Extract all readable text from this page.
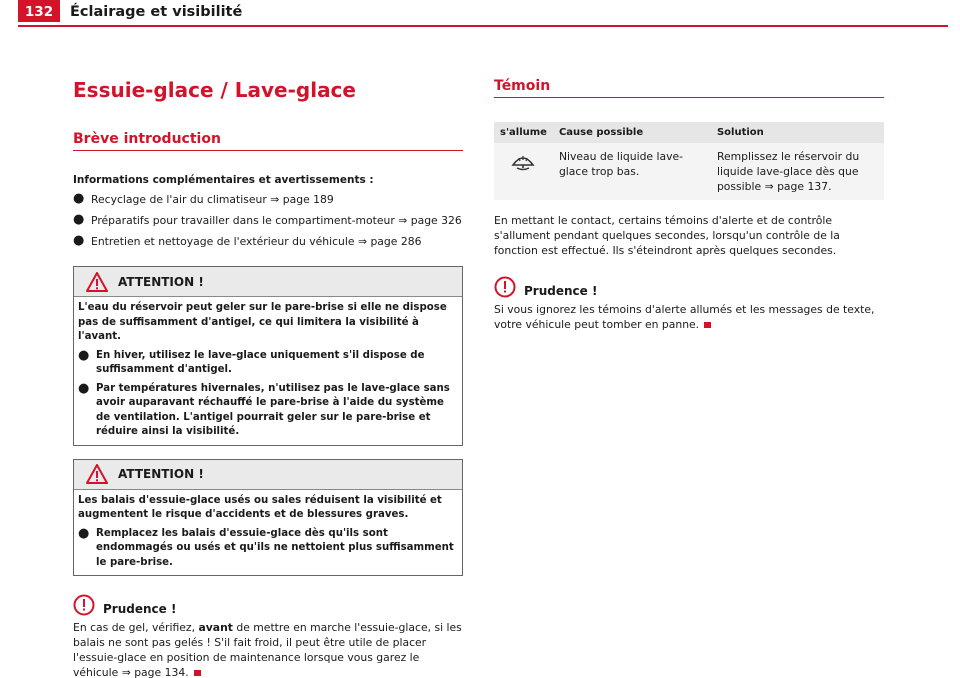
132	Éclairage et visibilité
Essuie-glace / Lave-glace
Brève introduction
Informations complémentaires et avertissements :
● Recyclage de l'air du climatiseur ⇒ page 189
● Préparatifs pour travailler dans le compartiment-moteur ⇒ page 326
● Entretien et nettoyage de l'extérieur du véhicule ⇒ page 286
ATTENTION !
L'eau du réservoir peut geler sur le pare-brise si elle ne dispose pas de suffisamment d'antigel, ce qui limitera la visibilité à l'avant.
● En hiver, utilisez le lave-glace uniquement s'il dispose de suffisamment d'antigel.
● Par températures hivernales, n'utilisez pas le lave-glace sans avoir auparavant réchauffé le pare-brise à l'aide du système de ventilation. L'antigel pourrait geler sur le pare-brise et réduire ainsi la visibilité.
ATTENTION !
Les balais d'essuie-glace usés ou sales réduisent la visibilité et augmentent le risque d'accidents et de blessures graves.
● Remplacez les balais d'essuie-glace dès qu'ils sont endommagés ou usés et qu'ils ne nettoient plus suffisamment le pare-brise.
Prudence !
En cas de gel, vérifiez, avant de mettre en marche l'essuie-glace, si les balais ne sont pas gelés ! S'il fait froid, il peut être utile de placer l'essuie-glace en position de maintenance lorsque vous garez le véhicule ⇒ page 134.
Témoin
s'allume	Cause possible	Solution
	Niveau de liquide lave-glace trop bas.	Remplissez le réservoir du liquide lave-glace dès que possible ⇒ page 137.
En mettant le contact, certains témoins d'alerte et de contrôle s'allument pendant quelques secondes, lorsqu'un contrôle de la fonction est effectué. Ils s'éteindront après quelques secondes.
Prudence !
Si vous ignorez les témoins d'alerte allumés et les messages de texte, votre véhicule peut tomber en panne.
